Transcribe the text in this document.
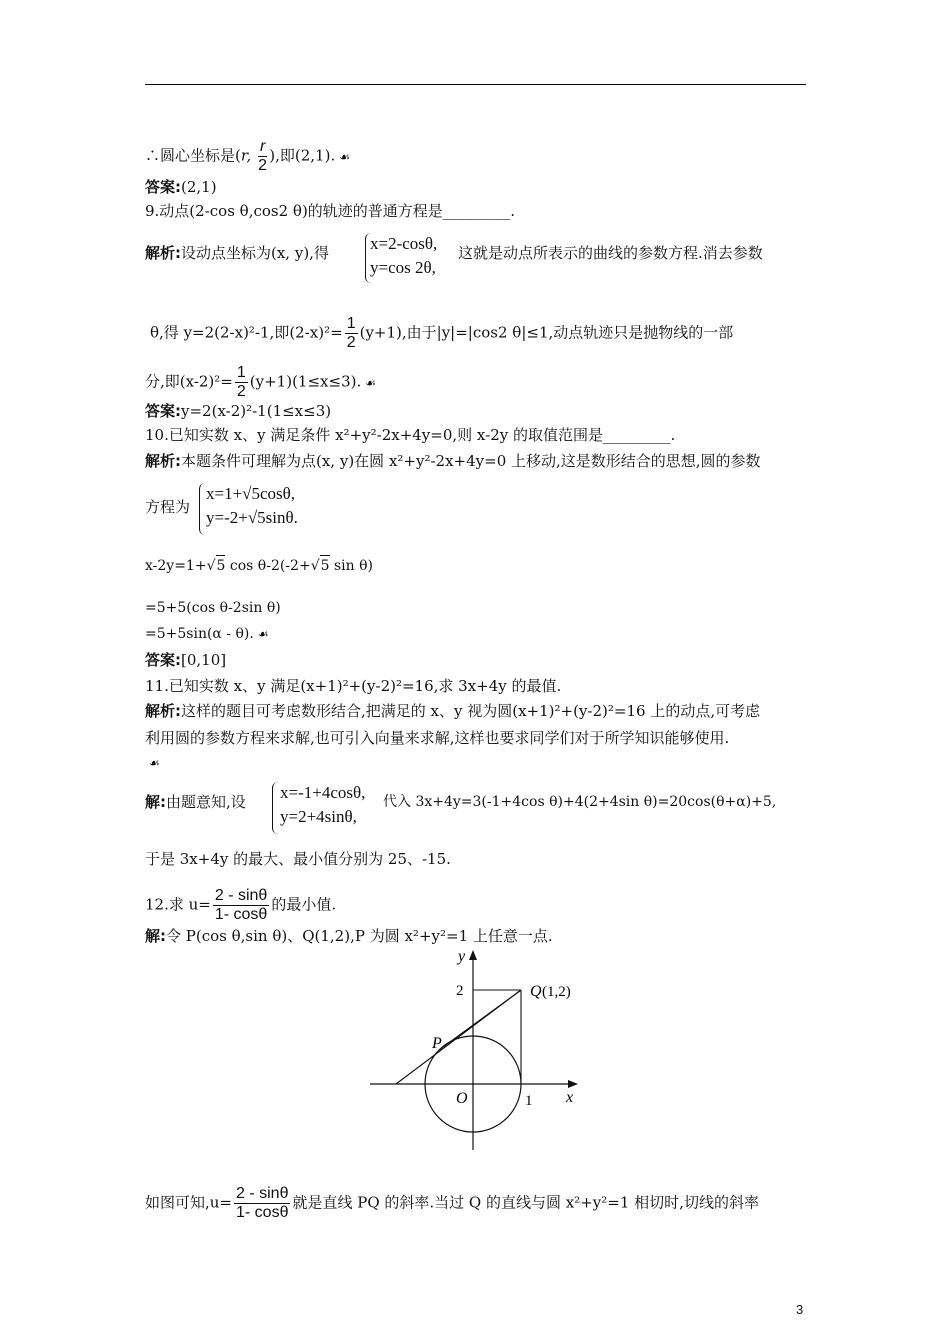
∴圆心坐标是(r, $\frac{r}{2}$ ),即(2,1). ☙
答案:(2,1)
9.动点(2-cos θ,cos2 θ)的轨迹的普通方程是_________.
解析:设动点坐标为(x, y),得 x=2-cosθ,
y=cos 2θ,
这就是动点所表示的曲线的参数方程.消去参数
θ,得 y=2(2-x)²-1,即$(2-x)^2= \frac{1}{2} (y+1)$,由于|y|=|cos2 θ|≤1,动点轨迹只是抛物线的一部
分,即$(x-2)^2= \frac{1}{2} (y+1)(1\le x\le 3)$. ☙
答案:y=2(x-2)²-1(1≤x≤3)
10.已知实数 x、y 满足条件 x²+y²-2x+4y=0,则 x-2y 的取值范围是_________.
解析:本题条件可理解为点(x, y)在圆 x²+y²-2x+4y=0 上移动,这是数形结合的思想,圆的参数
方程为
x=1+√5cosθ,
y=-2+√5sinθ.
x-2y=1+√5 cos θ-2(-2+√5 sin θ)
=5+5(cos θ-2sin θ)
=5+5sin(α - θ). ☙
答案:[0,10]
11.已知实数 x、y 满足(x+1)²+(y-2)²=16,求 3x+4y 的最值.
解析:这样的题目可考虑数形结合,把满足的 x、y 视为圆(x+1)²+(y-2)²=16 上的动点,可考虑
利用圆的参数方程来求解,也可引入向量来求解,这样也要求同学们对于所学知识能够使用.
☙
解:由题意知,设 x=-1+4cosθ,
y=2+4sinθ,
代入 3x+4y=3(-1+4cos θ)+4(2+4sin θ)=20cos(θ+α)+5,
于是 3x+4y 的最大、最小值分别为 25、-15.
12.求 $u= \frac{2 - \sin\theta}{1- \cos\theta}$ 的最小值.
解:令 P(cos θ,sin θ)、Q(1,2),P 为圆 x²+y²=1 上任意一点.
y
x
2	Q (1,2)
P
O	1
如图可知$,u= \frac{2 - \sin\theta}{1- \cos\theta}$ 就是直线 PQ 的斜率.当过 Q 的直线与圆 x²+y²=1 相切时,切线的斜率
3
